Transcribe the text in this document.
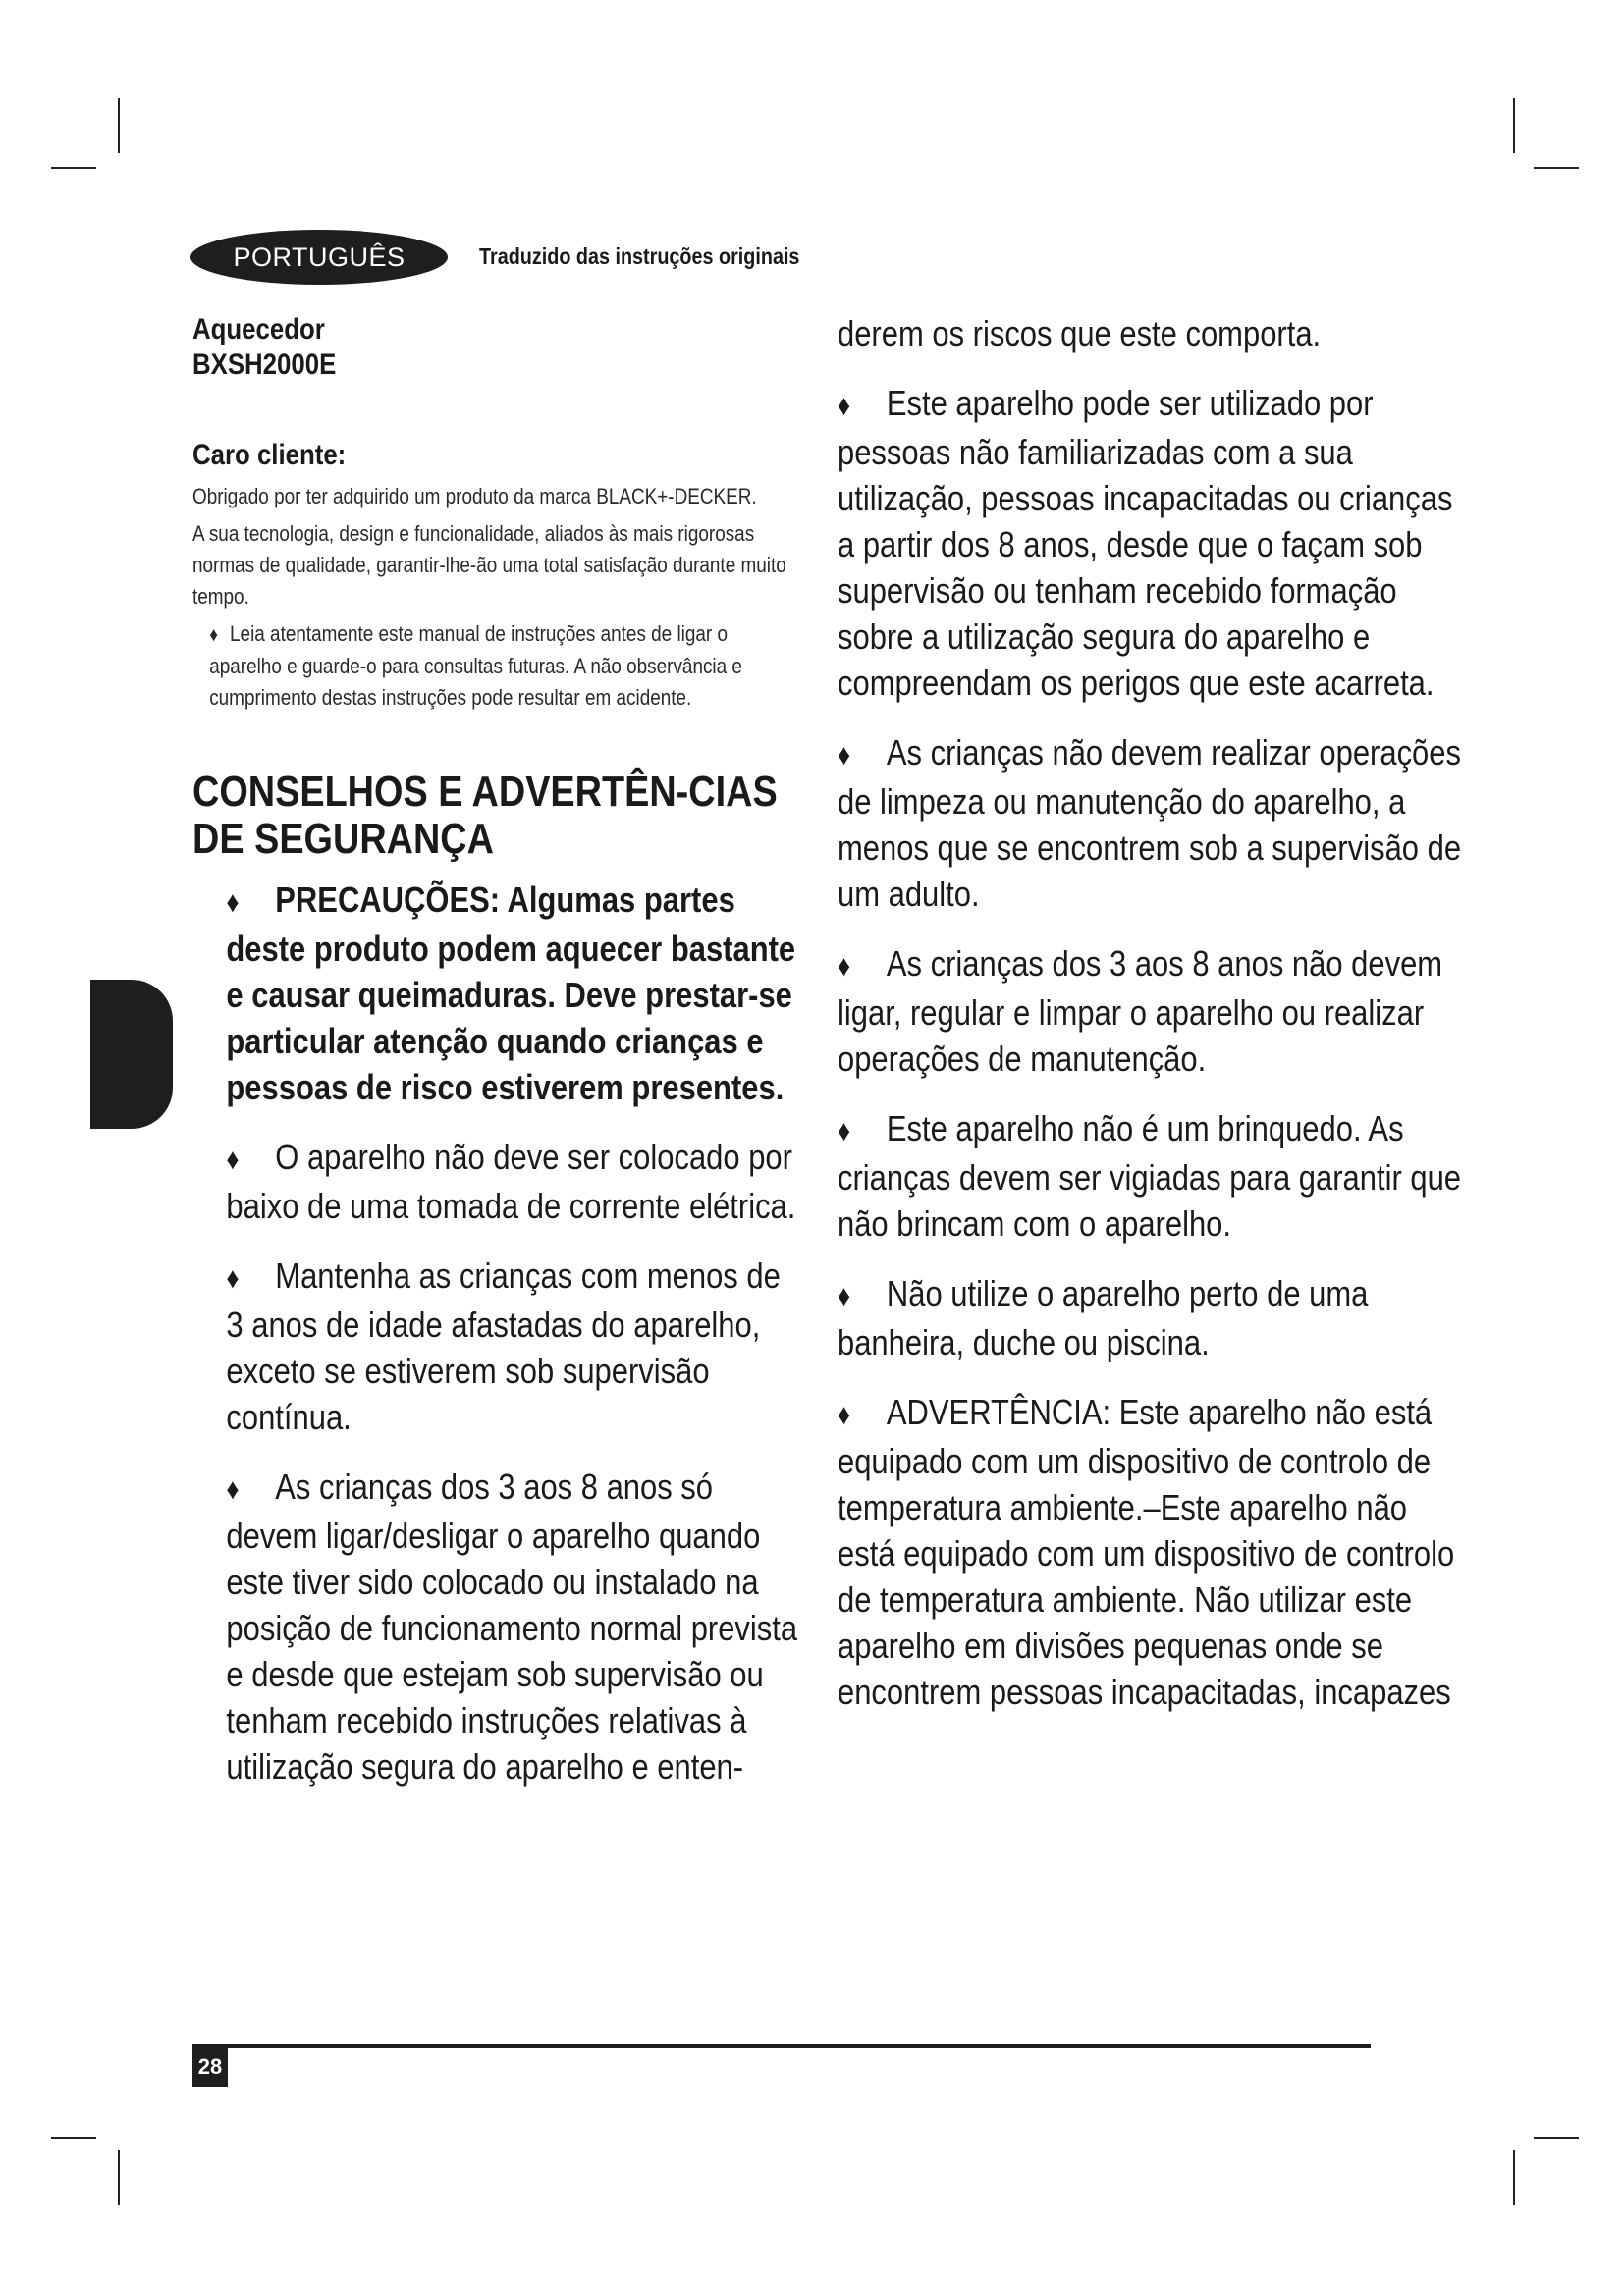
PORTUGUÊS	Traduzido das instruções originais

Aquecedor

BXSH2000E

Caro cliente:

Obrigado por ter adquirido um produto da marca BLACK+-DECKER.

A sua tecnologia, design e funcionalidade, aliados às mais rigorosas normas de qualidade, garantir-lhe-ão uma total satisfação durante muito tempo.

♦ Leia atentamente este manual de instruções antes de ligar o aparelho e guarde-o para consultas futuras. A não observância e cumprimento destas instruções pode resultar em acidente.

CONSELHOS E ADVERTÊN-CIAS DE SEGURANÇA
♦ PRECAUÇÕES: Algumas partes deste produto podem aquecer bastante e causar queimaduras. Deve prestar-se particular atenção quando crianças e pessoas de risco estiverem presentes.
♦ O aparelho não deve ser colocado por baixo de uma tomada de corrente elétrica.
♦ Mantenha as crianças com menos de 3 anos de idade afastadas do aparelho, exceto se estiverem sob supervisão contínua.
♦ As crianças dos 3 aos 8 anos só devem ligar/desligar o aparelho quando este tiver sido colocado ou instalado na posição de funcionamento normal prevista e desde que estejam sob supervisão ou tenham recebido instruções relativas à utilização segura do aparelho e enten-
derem os riscos que este comporta.
♦ Este aparelho pode ser utilizado por pessoas não familiarizadas com a sua utilização, pessoas incapacitadas ou crianças a partir dos 8 anos, desde que o façam sob supervisão ou tenham recebido formação sobre a utilização segura do aparelho e compreendam os perigos que este acarreta.
♦ As crianças não devem realizar operações de limpeza ou manutenção do aparelho, a menos que se encontrem sob a supervisão de um adulto.
♦ As crianças dos 3 aos 8 anos não devem ligar, regular e limpar o aparelho ou realizar operações de manutenção.
♦ Este aparelho não é um brinquedo. As crianças devem ser vigiadas para garantir que não brincam com o aparelho.
♦ Não utilize o aparelho perto de uma banheira, duche ou piscina.
♦ ADVERTÊNCIA: Este aparelho não está equipado com um dispositivo de controlo de temperatura ambiente.–Este aparelho não está equipado com um dispositivo de controlo de temperatura ambiente. Não utilizar este aparelho em divisões pequenas onde se encontrem pessoas incapacitadas, incapazes
28
